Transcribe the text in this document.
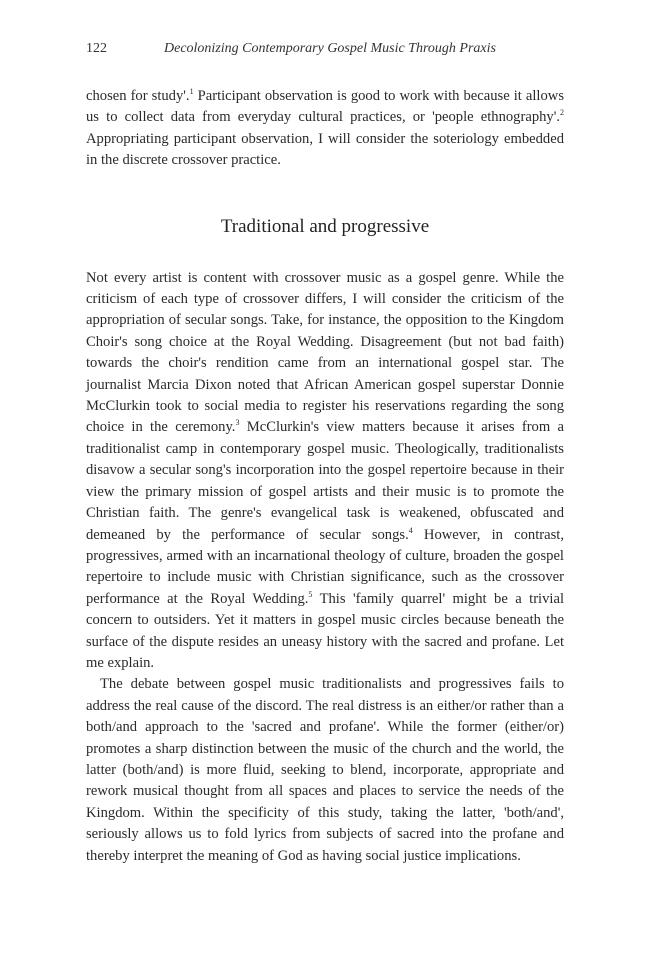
122	Decolonizing Contemporary Gospel Music Through Praxis

chosen for study'.$^1$ Participant observation is good to work with because it allows us to collect data from everyday cultural practices, or 'people ethnography'.$^2$ Appropriating participant observation, I will consider the soteriology embedded in the discrete crossover practice.

Traditional and progressive

Not every artist is content with crossover music as a gospel genre. While the criticism of each type of crossover differs, I will consider the criticism of the appropriation of secular songs. Take, for instance, the opposition to the Kingdom Choir's song choice at the Royal Wedding. Disagreement (but not bad faith) towards the choir's rendition came from an international gospel star. The journalist Marcia Dixon noted that African American gospel superstar Donnie McClurkin took to social media to register his reservations regarding the song choice in the ceremony.$^3$ McClurkin's view matters because it arises from a traditionalist camp in contemporary gospel music. Theologically, traditionalists disavow a secular song's incorporation into the gospel repertoire because in their view the primary mission of gospel artists and their music is to promote the Christian faith. The genre's evangelical task is weakened, obfuscated and demeaned by the performance of secular songs.$^4$ However, in contrast, progressives, armed with an incarnational theology of culture, broaden the gospel repertoire to include music with Christian significance, such as the crossover performance at the Royal Wedding.$^5$ This 'family quarrel' might be a trivial concern to outsiders. Yet it matters in gospel music circles because beneath the surface of the dispute resides an uneasy history with the sacred and profane. Let me explain.

The debate between gospel music traditionalists and progressives fails to address the real cause of the discord. The real distress is an either/or rather than a both/and approach to the 'sacred and profane'. While the former (either/or) promotes a sharp distinction between the music of the church and the world, the latter (both/and) is more fluid, seeking to blend, incorporate, appropriate and rework musical thought from all spaces and places to service the needs of the Kingdom. Within the specificity of this study, taking the latter, 'both/and', seriously allows us to fold lyrics from subjects of sacred into the profane and thereby interpret the meaning of God as having social justice implications.
